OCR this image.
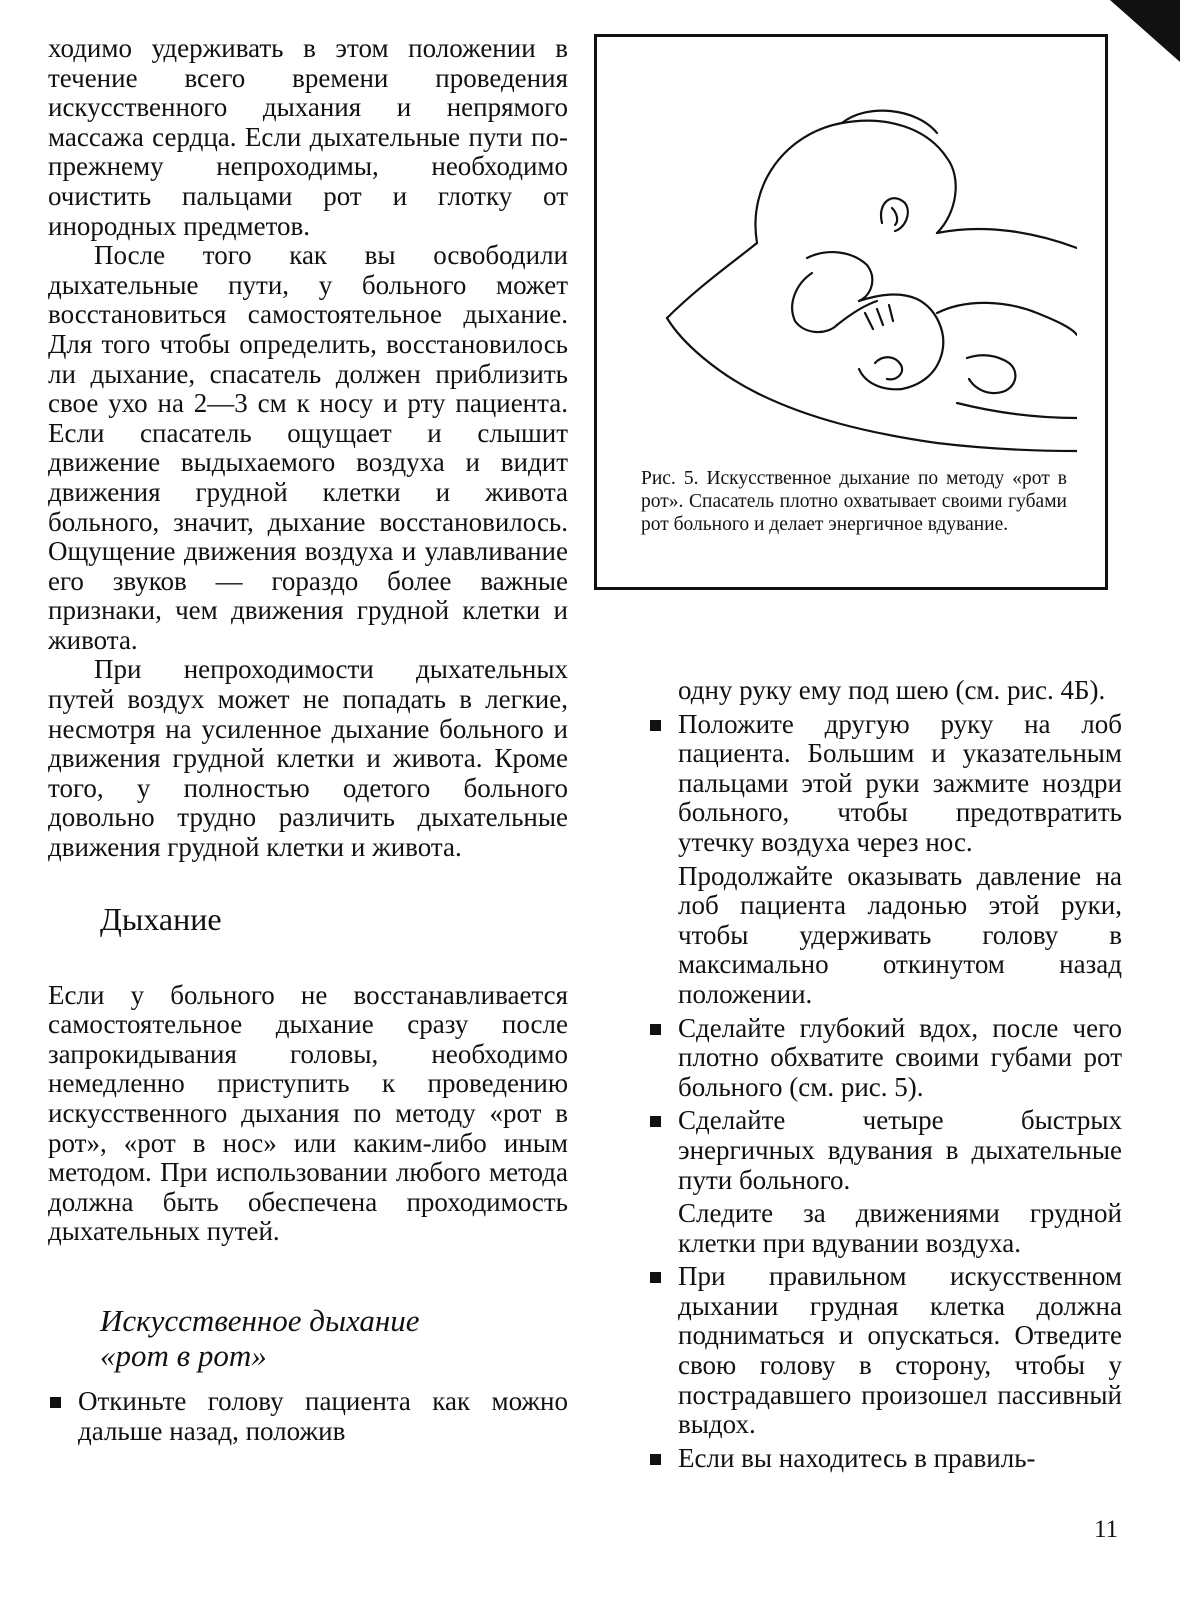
ходимо удерживать в этом положении в течение всего времени проведения искусственного дыхания и непрямого массажа сердца. Если дыхательные пути по-прежнему непроходимы, необходимо очистить пальцами рот и глотку от инородных предметов.

После того как вы освободили дыхательные пути, у больного может восстановиться самостоятельное дыхание. Для того чтобы определить, восстановилось ли дыхание, спасатель должен приблизить свое ухо на 2—3 см к носу и рту пациента. Если спасатель ощущает и слышит движение выдыхаемого воздуха и видит движения грудной клетки и живота больного, значит, дыхание восстановилось. Ощущение движения воздуха и улавливание его звуков — гораздо более важные признаки, чем движения грудной клетки и живота.

При непроходимости дыхательных путей воздух может не попадать в легкие, несмотря на усиленное дыхание больного и движения грудной клетки и живота. Кроме того, у полностью одетого больного довольно трудно различить дыхательные движения грудной клетки и живота.

Дыхание

Если у больного не восстанавливается самостоятельное дыхание сразу после запрокидывания головы, необходимо немедленно приступить к проведению искусственного дыхания по методу «рот в рот», «рот в нос» или каким-либо иным методом. При использовании любого метода должна быть обеспечена проходимость дыхательных путей.

Искусственное дыхание
«рот в рот»
Откиньте голову пациента как можно дальше назад, положив
Рис. 5. Искусственное дыхание по методу «рот в рот». Спасатель плотно охватывает своими губами рот больного и делает энергичное вдувание.

одну руку ему под шею (см. рис. 4Б).

Положите другую руку на лоб пациента. Большим и указательным пальцами этой руки зажмите ноздри больного, чтобы предотвратить утечку воздуха через нос.

Продолжайте оказывать давление на лоб пациента ладонью этой руки, чтобы удерживать голову в максимально откинутом назад положении.

Сделайте глубокий вдох, после чего плотно обхватите своими губами рот больного (см. рис. 5).
Сделайте четыре быстрых энергичных вдувания в дыхательные пути больного.

Следите за движениями грудной клетки при вдувании воздуха.

При правильном искусственном дыхании грудная клетка должна подниматься и опускаться. Отведите свою голову в сторону, чтобы у пострадавшего произошел пассивный выдох.
Если вы находитесь в правиль-
11
